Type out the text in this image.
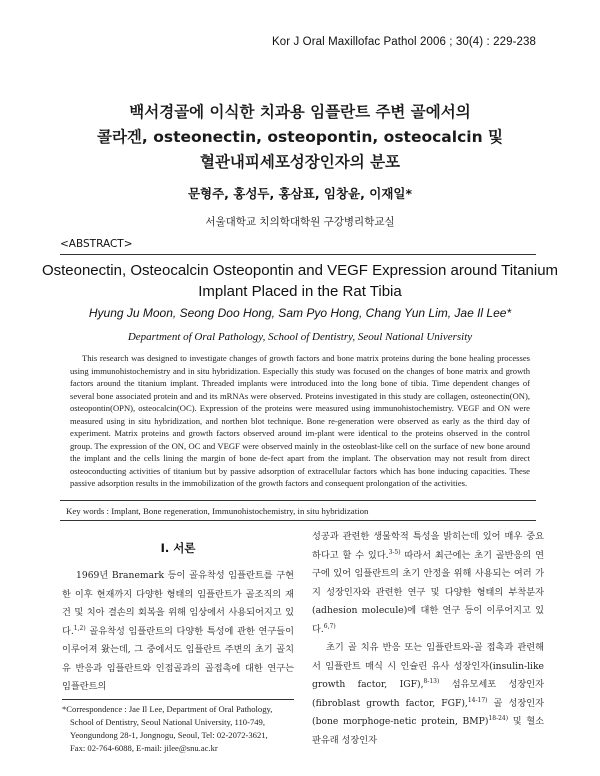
Kor J Oral Maxillofac Pathol 2006 ; 30(4) : 229-238
백서경골에 이식한 치과용 임플란트 주변 골에서의
콜라겐, osteonectin, osteopontin, osteocalcin 및
혈관내피세포성장인자의 분포
문형주, 홍성두, 홍삼표, 임창윤, 이재일*
서울대학교 치의학대학원 구강병리학교실
<ABSTRACT>
Osteonectin, Osteocalcin Osteopontin and VEGF Expression around Titanium
Implant Placed in the Rat Tibia
Hyung Ju Moon, Seong Doo Hong, Sam Pyo Hong, Chang Yun Lim, Jae Il Lee*
Department of Oral Pathology, School of Dentistry, Seoul National University
This research was designed to investigate changes of growth factors and bone matrix proteins during the bone healing processes using immunohistochemistry and in situ hybridization. Especially this study was focused on the changes of bone matrix and growth factors around the titanium implant. Threaded implants were introduced into the long bone of tibia. Time dependent changes of several bone associated protein and and its mRNAs were observed. Proteins investigated in this study are collagen, osteonectin(ON), osteopontin(OPN), osteocalcin(OC). Expression of the proteins were measured using immunohistochemistry. VEGF and ON were measured using in situ hybridization, and northen blot technique. Bone re-generation were observed as early as the third day of experiment. Matrix proteins and growth factors observed around im-plant were identical to the proteins observed in the control group. The expression of the ON, OC and VEGF were observed mainly in the osteoblast-like cell on the surface of new bone around the implant and the cells lining the margin of bone de-fect apart from the implant. The observation may not result from direct osteoconducting activities of titanium but by passive adsorption of extracellular factors which has bone inducing capacities. These passive adsorption results in the immobilization of the growth factors and consequent prolongation of the activities.
Key words : Implant, Bone regeneration, Immunohistochemistry, in situ hybridization
I. 서론
1969년 Branemark 등이 골유착성 임플란트를 구현한 이후 현재까지 다양한 형태의 임플란트가 골조직의 재건 및 치아 결손의 회복을 위해 임상에서 사용되어지고 있다.$^{1,2)}$ 골유착성 임플란트의 다양한 특성에 관한 연구들이 이루어져 왔는데, 그 중에서도 임플란트 주변의 초기 골치유 반응과 임플란트와 인접골과의 골접촉에 대한 연구는 임플란트의

성공과 관련한 생물학적 특성을 밝히는데 있어 매우 중요하다고 할 수 있다.$^{3-5)}$ 따라서 최근에는 초기 골반응의 연구에 있어 임플란트의 초기 안정을 위해 사용되는 여러 가지 성장인자와 관련한 연구 및 다양한 형태의 부착분자(adhesion molecule)에 대한 연구 등이 이루어지고 있다.$^{6,7)}$

초기 골 치유 반응 또는 임플란트와-골 접촉과 관련해서 임플란트 매식 시 인슐린 유사 성장인자(insulin-like growth factor, IGF),$^{8-13)}$ 섬유모세포 성장인자(fibroblast growth factor, FGF),$^{14-17)}$ 골 성장인자(bone morphoge-netic protein, BMP)$^{18-24)}$ 및 혈소판유래 성장인자

*Correspondence : Jae Il Lee, Department of Oral Pathology,
School of Dentistry, Seoul National University, 110-749,
Yeongundong 28-1, Jongnogu, Seoul, Tel: 02-2072-3621,
Fax: 02-764-6088, E-mail: jilee@snu.ac.kr
